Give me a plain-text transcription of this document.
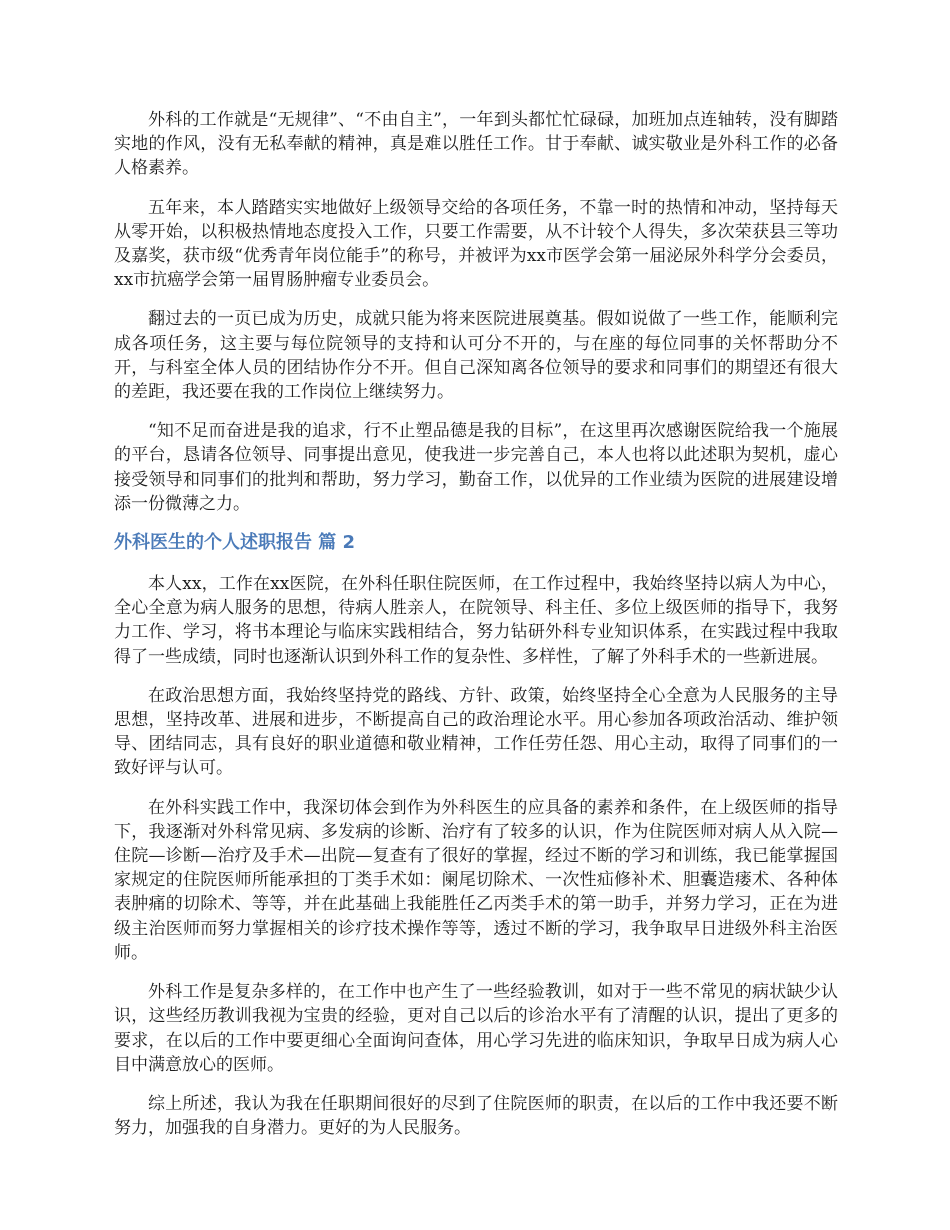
外科的工作就是“无规律”、“不由自主”，一年到头都忙忙碌碌，加班加点连轴转，没有脚踏实地的作风，没有无私奉献的精神，真是难以胜任工作。甘于奉献、诚实敬业是外科工作的必备人格素养。

五年来，本人踏踏实实地做好上级领导交给的各项任务，不靠一时的热情和冲动，坚持每天从零开始，以积极热情地态度投入工作，只要工作需要，从不计较个人得失，多次荣获县三等功及嘉奖，获市级“优秀青年岗位能手”的称号，并被评为xx市医学会第一届泌尿外科学分会委员，xx市抗癌学会第一届胃肠肿瘤专业委员会。

翻过去的一页已成为历史，成就只能为将来医院进展奠基。假如说做了一些工作，能顺利完成各项任务，这主要与每位院领导的支持和认可分不开的，与在座的每位同事的关怀帮助分不开，与科室全体人员的团结协作分不开。但自己深知离各位领导的要求和同事们的期望还有很大的差距，我还要在我的工作岗位上继续努力。

“知不足而奋进是我的追求，行不止塑品德是我的目标”，在这里再次感谢医院给我一个施展的平台，恳请各位领导、同事提出意见，使我进一步完善自己，本人也将以此述职为契机，虚心接受领导和同事们的批判和帮助，努力学习，勤奋工作，以优异的工作业绩为医院的进展建设增添一份微薄之力。

外科医生的个人述职报告 篇 2

本人xx，工作在xx医院，在外科任职住院医师，在工作过程中，我始终坚持以病人为中心，全心全意为病人服务的思想，待病人胜亲人，在院领导、科主任、多位上级医师的指导下，我努力工作、学习，将书本理论与临床实践相结合，努力钻研外科专业知识体系，在实践过程中我取得了一些成绩，同时也逐渐认识到外科工作的复杂性、多样性，了解了外科手术的一些新进展。

在政治思想方面，我始终坚持党的路线、方针、政策，始终坚持全心全意为人民服务的主导思想，坚持改革、进展和进步，不断提高自己的政治理论水平。用心参加各项政治活动、维护领导、团结同志，具有良好的职业道德和敬业精神，工作任劳任怨、用心主动，取得了同事们的一致好评与认可。

在外科实践工作中，我深切体会到作为外科医生的应具备的素养和条件，在上级医师的指导下，我逐渐对外科常见病、多发病的诊断、治疗有了较多的认识，作为住院医师对病人从入院—住院—诊断—治疗及手术—出院—复查有了很好的掌握，经过不断的学习和训练，我已能掌握国家规定的住院医师所能承担的丁类手术如：阑尾切除术、一次性疝修补术、胆囊造瘘术、各种体表肿痛的切除术、等等，并在此基础上我能胜任乙丙类手术的第一助手，并努力学习，正在为进级主治医师而努力掌握相关的诊疗技术操作等等，透过不断的学习，我争取早日进级外科主治医师。

外科工作是复杂多样的，在工作中也产生了一些经验教训，如对于一些不常见的病状缺少认识，这些经历教训我视为宝贵的经验，更对自己以后的诊治水平有了清醒的认识，提出了更多的要求，在以后的工作中要更细心全面询问查体，用心学习先进的临床知识，争取早日成为病人心目中满意放心的医师。

综上所述，我认为我在任职期间很好的尽到了住院医师的职责，在以后的工作中我还要不断努力，加强我的自身潜力。更好的为人民服务。
